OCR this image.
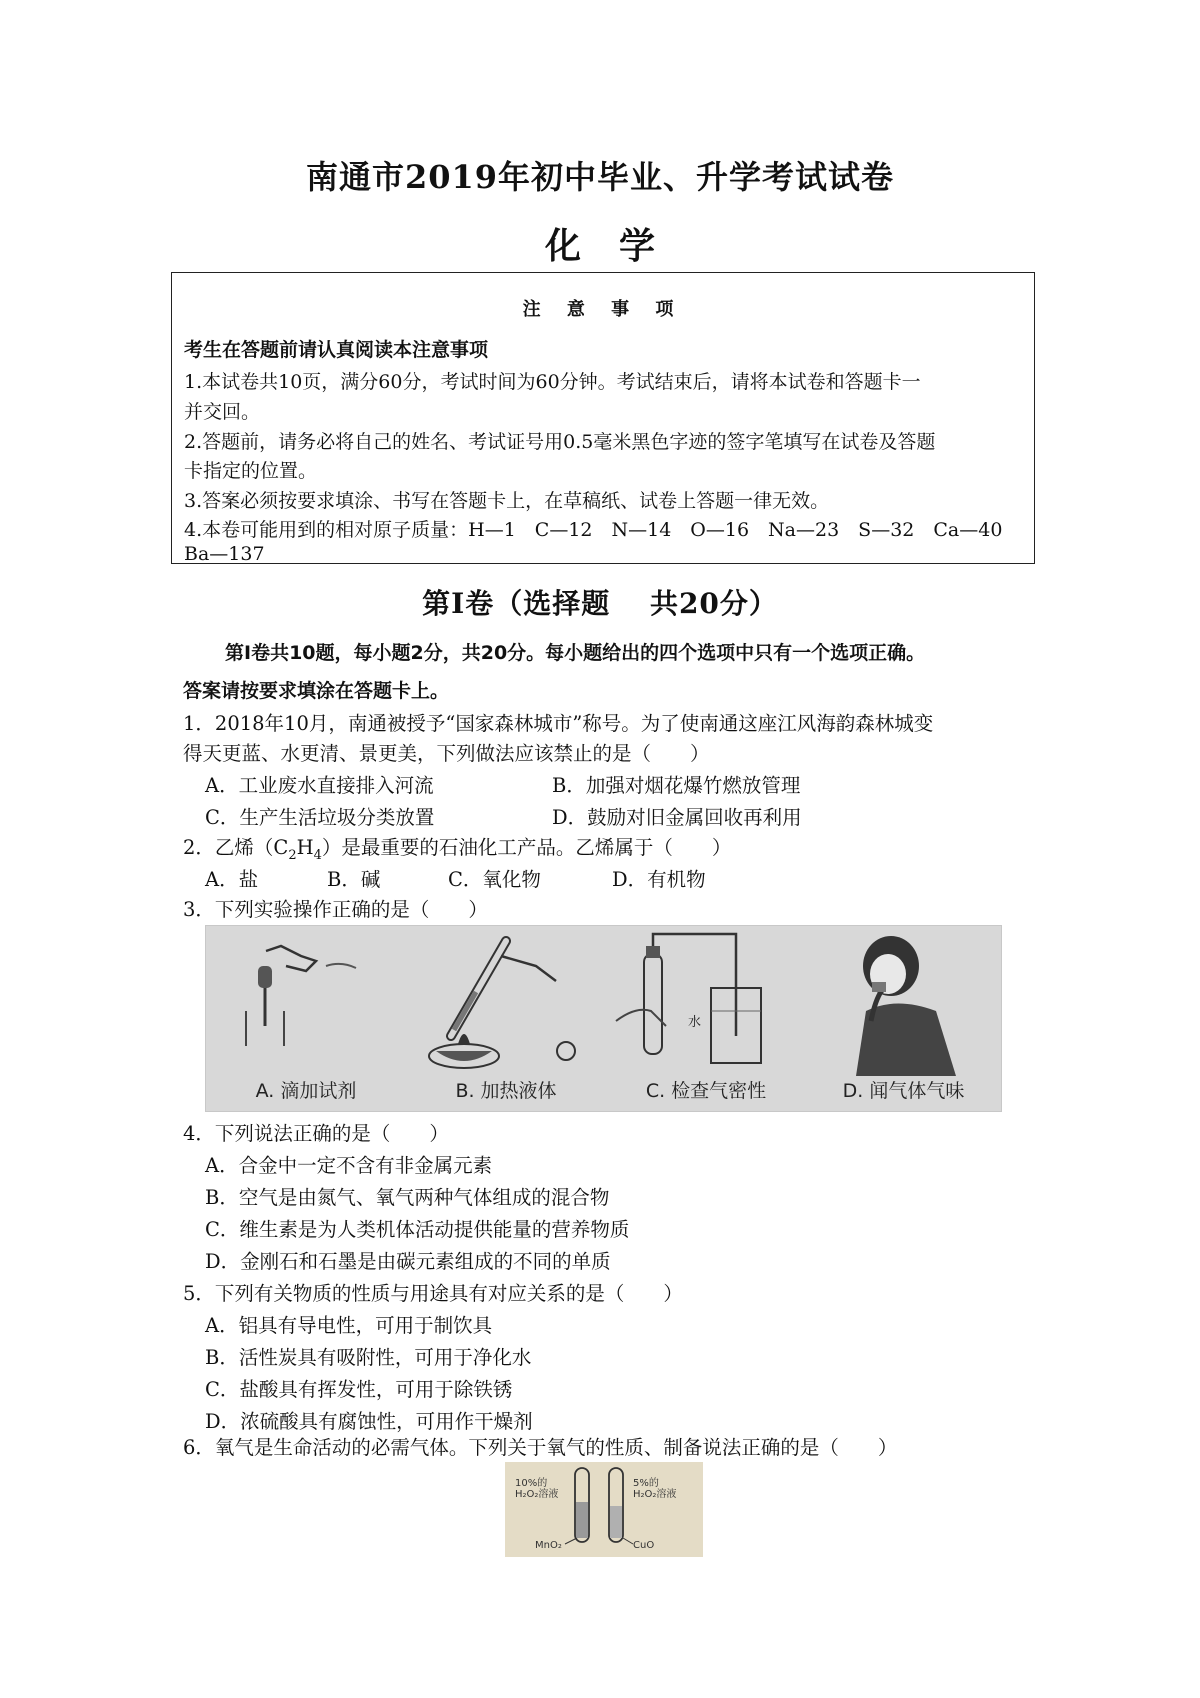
南通市2019年初中毕业、升学考试试卷
化学
注 意 事 项
考生在答题前请认真阅读本注意事项
1.本试卷共10页，满分60分，考试时间为60分钟。考试结束后，请将本试卷和答题卡一
并交回。
2.答题前，请务必将自己的姓名、考试证号用0.5毫米黑色字迹的签字笔填写在试卷及答题
卡指定的位置。
3.答案必须按要求填涂、书写在答题卡上，在草稿纸、试卷上答题一律无效。
4.本卷可能用到的相对原子质量：H—1　C—12　N—14　O—16　Na—23　S—32　Ca—40
Ba—137
第Ⅰ卷（选择题　 共20分）
第Ⅰ卷共10题，每小题2分，共20分。每小题给出的四个选项中只有一个选项正确。
答案请按要求填涂在答题卡上。
1．2018年10月，南通被授予“国家森林城市”称号。为了使南通这座江风海韵森林城变
得天更蓝、水更清、景更美，下列做法应该禁止的是（　　）
A．工业废水直接排入河流	B．加强对烟花爆竹燃放管理
C．生产生活垃圾分类放置	D．鼓励对旧金属回收再利用
2．乙烯$(C_2H_4)$是最重要的石油化工产品。乙烯属于（　　）
A．盐	B．碱	C．氧化物	D．有机物
3．下列实验操作正确的是（　　）
A. 滴加试剂	B. 加热液体
水
C. 检查气密性	D. 闻气体气味
4．下列说法正确的是（　　）
A．合金中一定不含有非金属元素
B．空气是由氮气、氧气两种气体组成的混合物
C．维生素是为人类机体活动提供能量的营养物质
D．金刚石和石墨是由碳元素组成的不同的单质
5．下列有关物质的性质与用途具有对应关系的是（　　）
A．铝具有导电性，可用于制饮具
B．活性炭具有吸附性，可用于净化水
C．盐酸具有挥发性，可用于除铁锈
D．浓硫酸具有腐蚀性，可用作干燥剂
6．氧气是生命活动的必需气体。下列关于氧气的性质、制备说法正确的是（　　）
10%的
H₂O₂溶液
5%的
H₂O₂溶液
MnO₂	CuO
